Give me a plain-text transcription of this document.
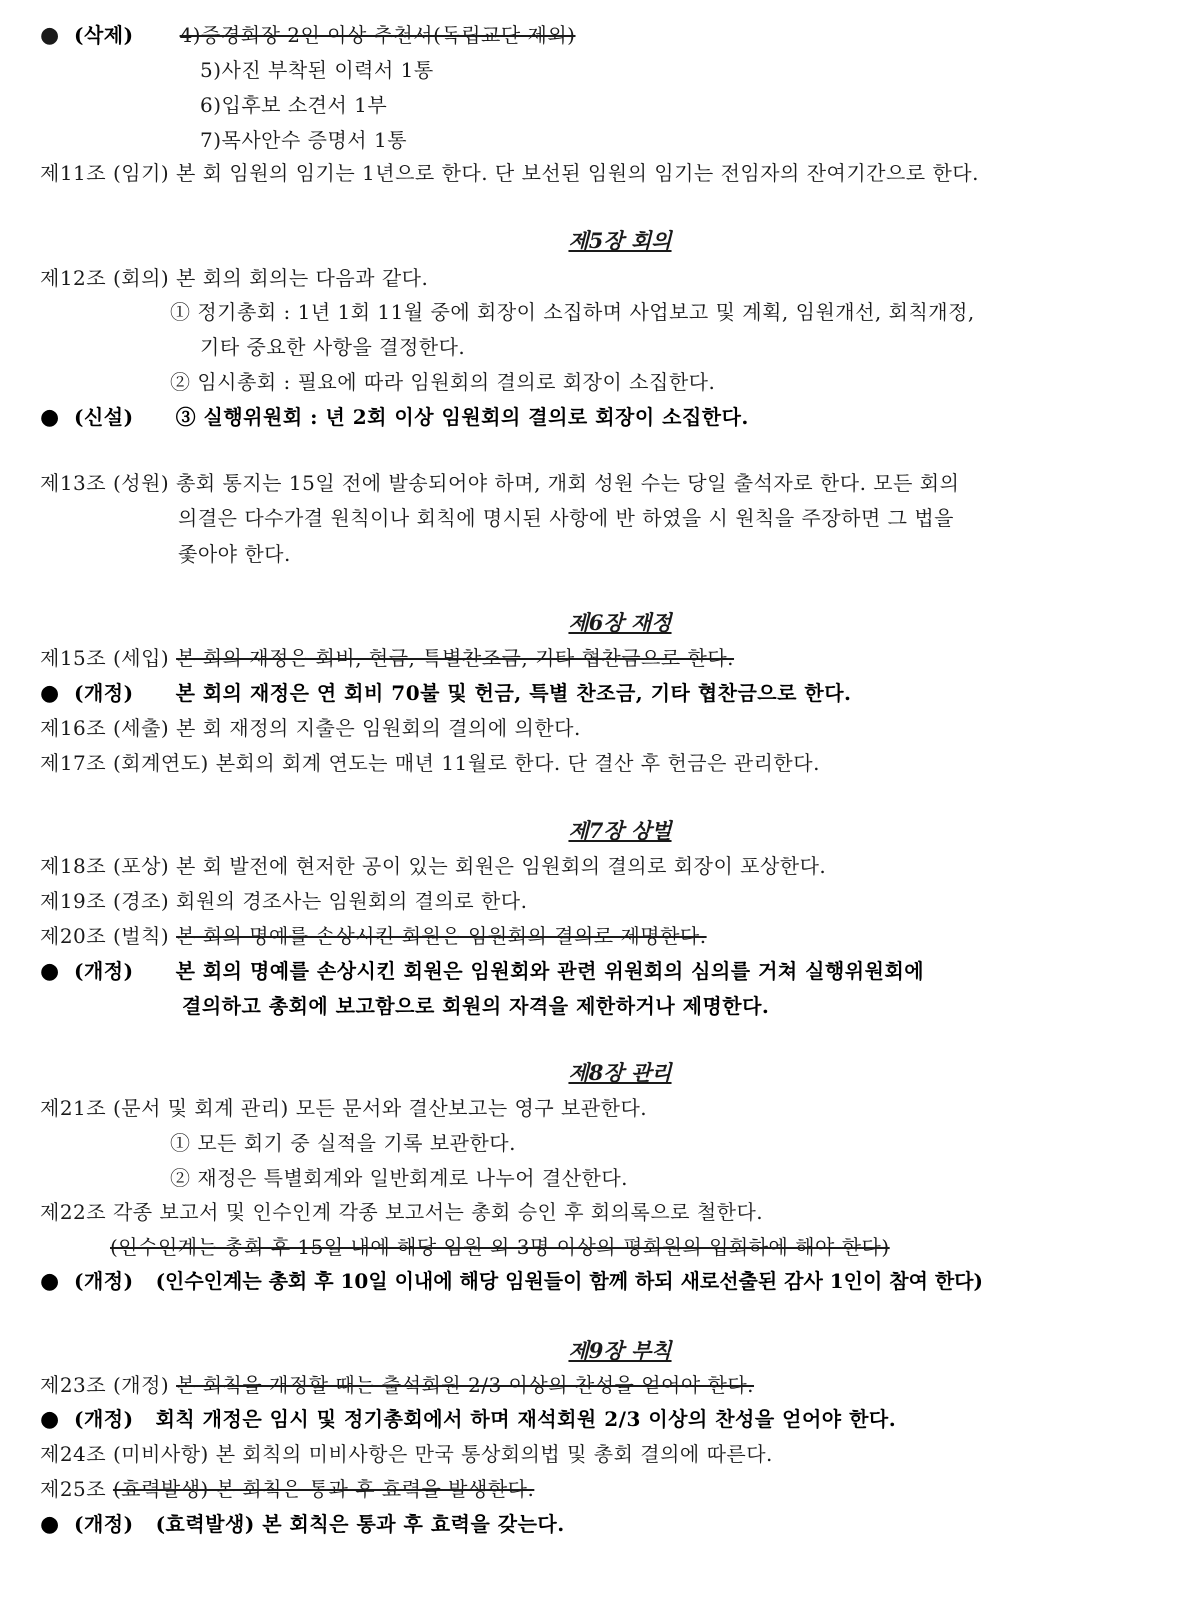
● (삭제) 4)증경회장 2인 이상 추천서(독립교단 제외)
5)사진 부착된 이력서 1통
6)입후보 소견서 1부
7)목사안수 증명서 1통
제11조 (임기) 본 회 임원의 임기는 1년으로 한다. 단 보선된 임원의 임기는 전임자의 잔여기간으로 한다.
제5장 회의
제12조 (회의) 본 회의 회의는 다음과 같다.
① 정기총회 : 1년 1회 11월 중에 회장이 소집하며 사업보고 및 계획, 임원개선, 회칙개정,
기타 중요한 사항을 결정한다.
② 임시총회 : 필요에 따라 임원회의 결의로 회장이 소집한다.
● (신설) ③ 실행위원회 : 년 2회 이상 임원회의 결의로 회장이 소집한다.
제13조 (성원) 총회 통지는 15일 전에 발송되어야 하며, 개회 성원 수는 당일 출석자로 한다. 모든 회의
의결은 다수가결 원칙이나 회칙에 명시된 사항에 반 하였을 시 원칙을 주장하면 그 법을
좇아야 한다.
제6장 재정
제15조 (세입) 본 회의 재정은 회비, 헌금, 특별찬조금, 기타 협찬금으로 한다.
● (개정) 본 회의 재정은 연 회비 70불 및 헌금, 특별 찬조금, 기타 협찬금으로 한다.
제16조 (세출) 본 회 재정의 지출은 임원회의 결의에 의한다.
제17조 (회계연도) 본회의 회계 연도는 매년 11월로 한다. 단 결산 후 헌금은 관리한다.
제7장 상벌
제18조 (포상) 본 회 발전에 현저한 공이 있는 회원은 임원회의 결의로 회장이 포상한다.
제19조 (경조) 회원의 경조사는 임원회의 결의로 한다.
제20조 (벌칙) 본 회의 명예를 손상시킨 회원은 임원회의 결의로 제명한다.
● (개정) 본 회의 명예를 손상시킨 회원은 임원회와 관련 위원회의 심의를 거쳐 실행위원회에
결의하고 총회에 보고함으로 회원의 자격을 제한하거나 제명한다.
제8장 관리
제21조 (문서 및 회계 관리) 모든 문서와 결산보고는 영구 보관한다.
① 모든 회기 중 실적을 기록 보관한다.
② 재정은 특별회계와 일반회계로 나누어 결산한다.
제22조 각종 보고서 및 인수인계 각종 보고서는 총회 승인 후 회의록으로 철한다.
(인수인계는 총회 후 15일 내에 해당 임원 외 3명 이상의 평회원의 입회하에 해야 한다)
● (개정) (인수인계는 총회 후 10일 이내에 해당 임원들이 함께 하되 새로선출된 감사 1인이 참여 한다)
제9장 부칙
제23조 (개정) 본 회칙을 개정할 때는 출석회원 2/3 이상의 찬성을 얻어야 한다.
● (개정) 회칙 개정은 임시 및 정기총회에서 하며 재석회원 2/3 이상의 찬성을 얻어야 한다.
제24조 (미비사항) 본 회칙의 미비사항은 만국 통상회의법 및 총회 결의에 따른다.
제25조 (효력발생) 본 회칙은 통과 후 효력을 발생한다.
● (개정) (효력발생) 본 회칙은 통과 후 효력을 갖는다.
